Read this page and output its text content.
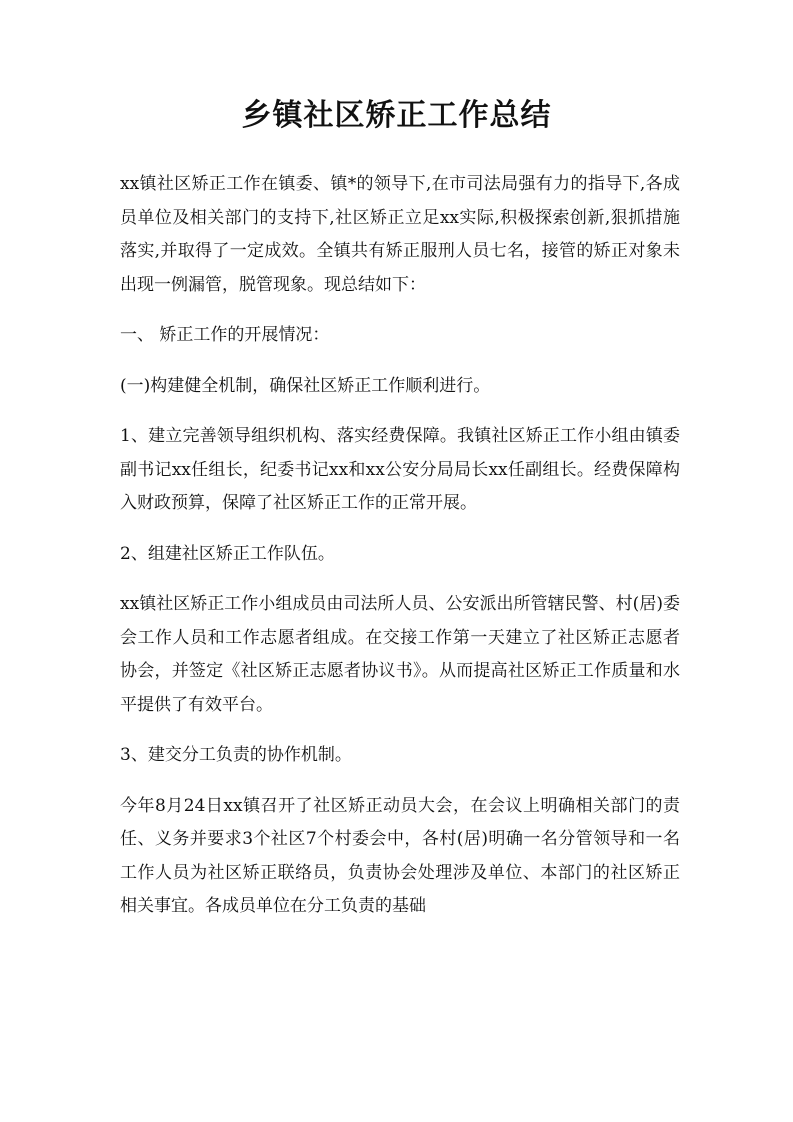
乡镇社区矫正工作总结

xx镇社区矫正工作在镇委、镇*的领导下,在市司法局强有力的指导下,各成员单位及相关部门的支持下,社区矫正立足xx实际,积极探索创新,狠抓措施落实,并取得了一定成效。全镇共有矫正服刑人员七名，接管的矫正对象未出现一例漏管，脱管现象。现总结如下：

一、 矫正工作的开展情况：

(一)构建健全机制，确保社区矫正工作顺利进行。

1、建立完善领导组织机构、落实经费保障。我镇社区矫正工作小组由镇委副书记xx任组长，纪委书记xx和xx公安分局局长xx任副组长。经费保障构入财政预算，保障了社区矫正工作的正常开展。

2、组建社区矫正工作队伍。

xx镇社区矫正工作小组成员由司法所人员、公安派出所管辖民警、村(居)委会工作人员和工作志愿者组成。在交接工作第一天建立了社区矫正志愿者协会，并签定《社区矫正志愿者协议书》。从而提高社区矫正工作质量和水平提供了有效平台。

3、建交分工负责的协作机制。

今年8月24日xx镇召开了社区矫正动员大会，在会议上明确相关部门的责任、义务并要求3个社区7个村委会中，各村(居)明确一名分管领导和一名工作人员为社区矫正联络员，负责协会处理涉及单位、本部门的社区矫正相关事宜。各成员单位在分工负责的基础
